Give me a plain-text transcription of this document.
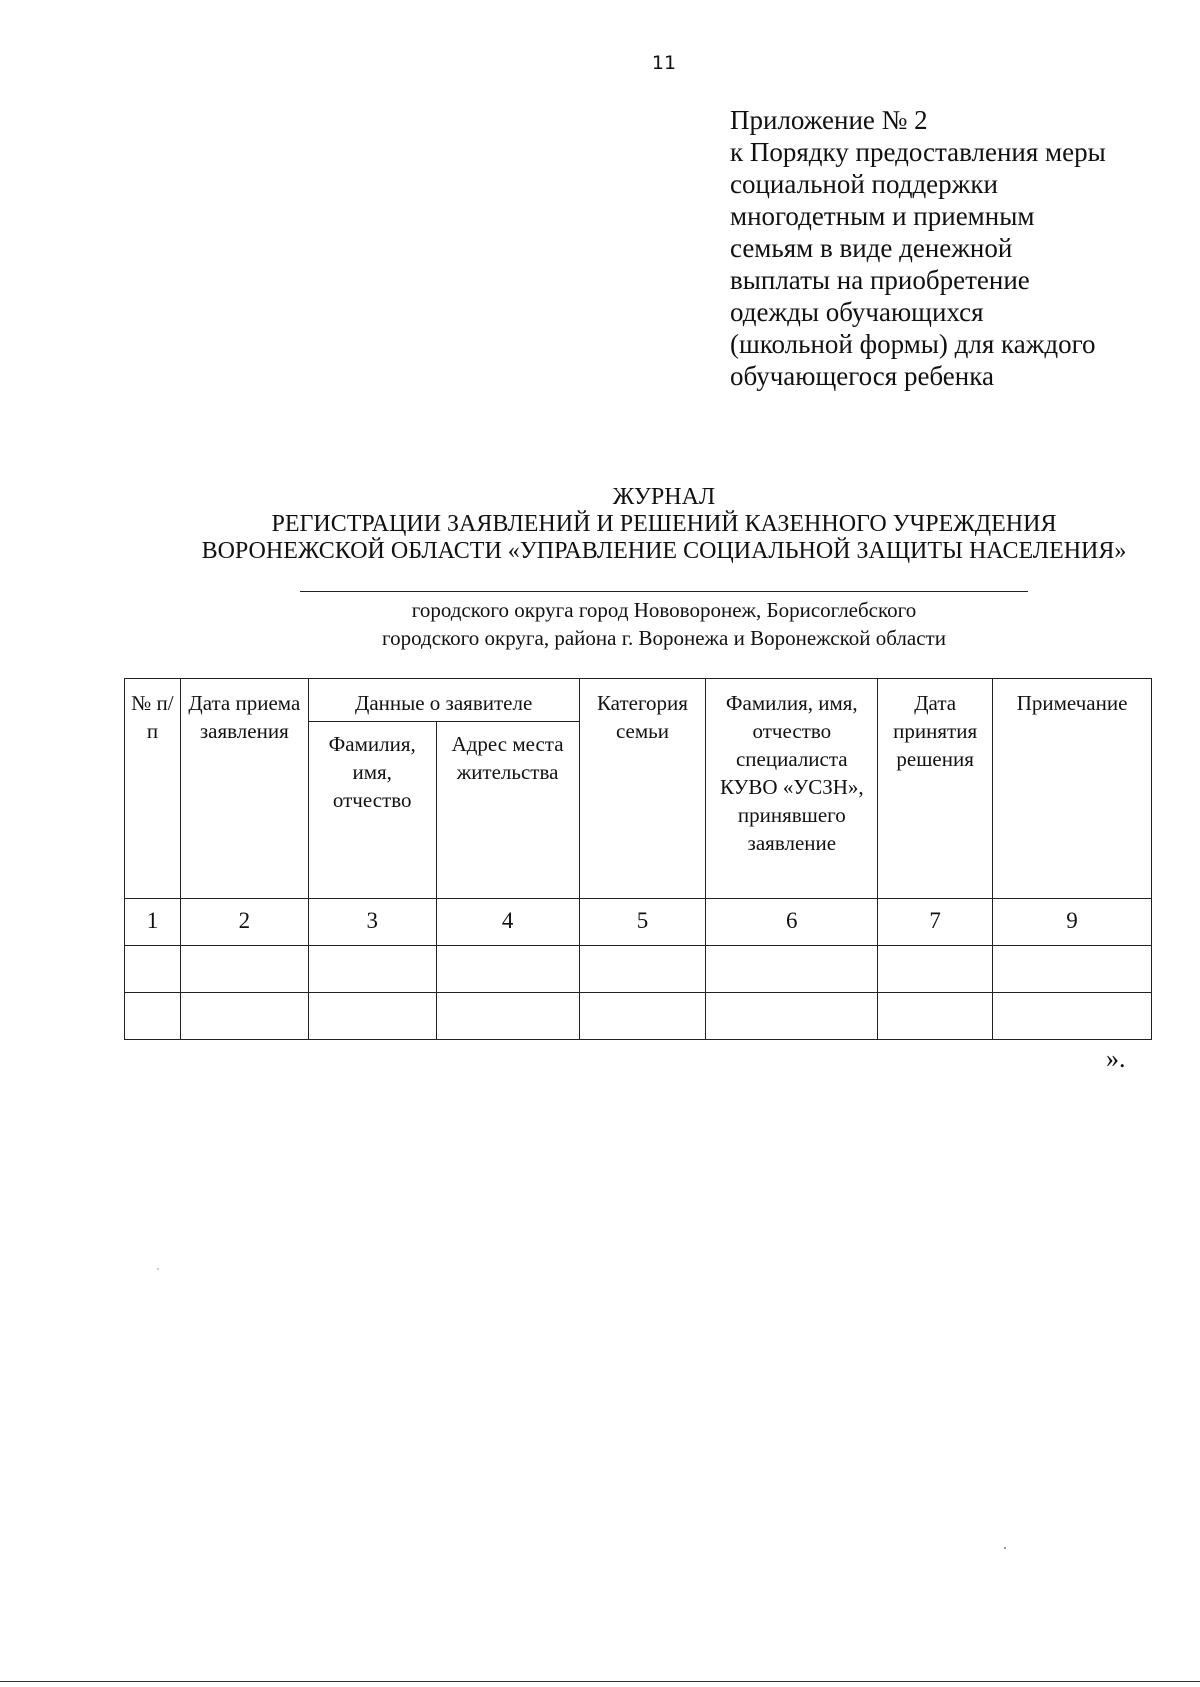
11
Приложение № 2
к Порядку предоставления меры
социальной поддержки
многодетным и приемным
семьям в виде денежной
выплаты на приобретение
одежды обучающихся
(школьной формы) для каждого
обучающегося ребенка
ЖУРНАЛ
РЕГИСТРАЦИИ ЗАЯВЛЕНИЙ И РЕШЕНИЙ КАЗЕННОГО УЧРЕЖДЕНИЯ
ВОРОНЕЖСКОЙ ОБЛАСТИ «УПРАВЛЕНИЕ СОЦИАЛЬНОЙ ЗАЩИТЫ НАСЕЛЕНИЯ»
городского округа город Нововоронеж, Борисоглебского
городского округа, района г. Воронежа и Воронежской области
№ п/п	Дата приема заявления	Данные о заявителе		Категория семьи	Фамилия, имя, отчество специалиста КУВО «УСЗН», принявшего заявление	Дата принятия решения	Примечание
		Фамилия, имя, отчество	Адрес места жительства				
1	2	3	4	5	6	7	9

».
